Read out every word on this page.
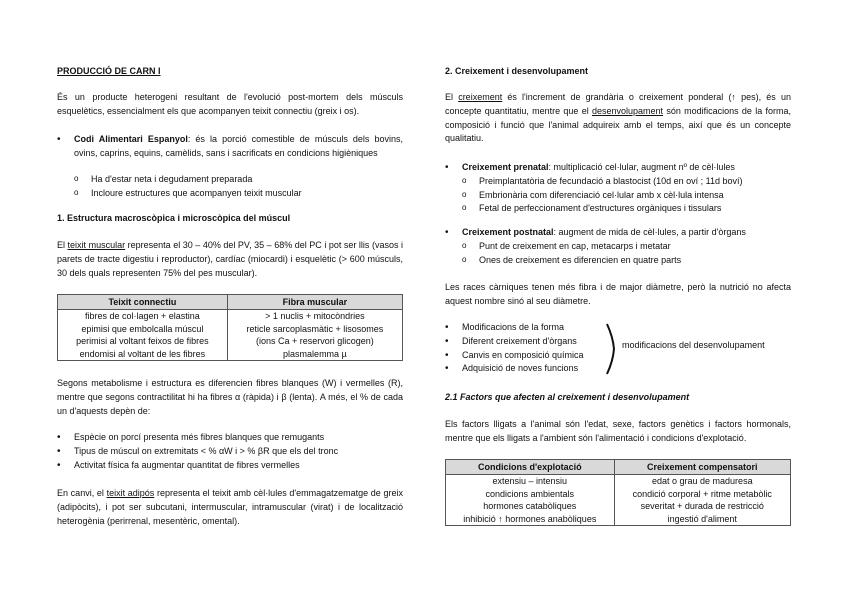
PRODUCCIÓ DE CARN I
És un producte heterogeni resultant de l'evolució post-mortem dels músculs esquelètics, essencialment els que acompanyen teixit connectiu (greix i os).
• Codi Alimentari Espanyol: és la porció comestible de músculs dels bovins, ovins, caprins, equins, camèlids, sans i sacrificats en condicions higièniques
o Ha d'estar neta i degudament preparada
o Incloure estructures que acompanyen teixit muscular
1. Estructura macroscòpica i microscòpica del múscul
El teixit muscular representa el 30 – 40% del PV, 35 – 68% del PC i pot ser llis (vasos i parets de tracte digestiu i reproductor), cardíac (miocardi) i esquelètic (> 600 músculs, 30 dels quals representen 75% del pes muscular).
Teixit connectiu	Fibra muscular
fibres de col·lagen + elastina	> 1 nuclis + mitocòndries
epimisi que embolcalla múscul	reticle sarcoplasmàtic + lisosomes
perimisi al voltant feixos de fibres	(ions Ca + reservori glicogen)
endomisi al voltant de les fibres	plasmalemma µ
Segons metabolisme i estructura es diferencien fibres blanques (W) i vermelles (R), mentre que segons contractilitat hi ha fibres α (ràpida) i β (lenta). A més, el % de cada un d'aquests depèn de:
• Espècie on porcí presenta més fibres blanques que remugants
• Tipus de múscul on extremitats < % αW i > % βR que els del tronc
• Activitat física fa augmentar quantitat de fibres vermelles
En canvi, el teixit adipós representa el teixit amb cèl·lules d'emmagatzematge de greix (adipòcits), i pot ser subcutani, intermuscular, intramuscular (virat) i de localització heterogènia (perirrenal, mesentèric, omental).
2. Creixement i desenvolupament
El creixement és l'increment de grandària o creixement ponderal (↑ pes), és un concepte quantitatiu, mentre que el desenvolupament són modificacions de la forma, composició i funció que l'animal adquireix amb el temps, així que és un concepte qualitatiu.
• Creixement prenatal: multiplicació cel·lular, augment nº de cèl·lules
o Preimplantatòria de fecundació a blastocist (10d en oví ; 11d boví)
o Embrionària com diferenciació cel·lular amb x cèl·lula intensa
o Fetal de perfeccionament d'estructures orgàniques i tissulars
• Creixement postnatal: augment de mida de cèl·lules, a partir d'òrgans
o Punt de creixement en cap, metacarps i metatar
o Ones de creixement es diferencien en quatre parts
Les races càrniques tenen més fibra i de major diàmetre, però la nutrició no afecta aquest nombre sinó al seu diàmetre.
• Modificacions de la forma
• Diferent creixement d'òrgans
• Canvis en composició química
• Adquisició de noves funcions
modificacions del desenvolupament
2.1 Factors que afecten al creixement i desenvolupament
Els factors lligats a l'animal són l'edat, sexe, factors genètics i factors hormonals, mentre que els lligats a l'ambient són l'alimentació i condicions d'explotació.
Condicions d'explotació	Creixement compensatori
extensiu – intensiu	edat o grau de maduresa
condicions ambientals	condició corporal + ritme metabòlic
hormones catabòliques	severitat + durada de restricció
inhibició ↑ hormones anabòliques	ingestió d'aliment
